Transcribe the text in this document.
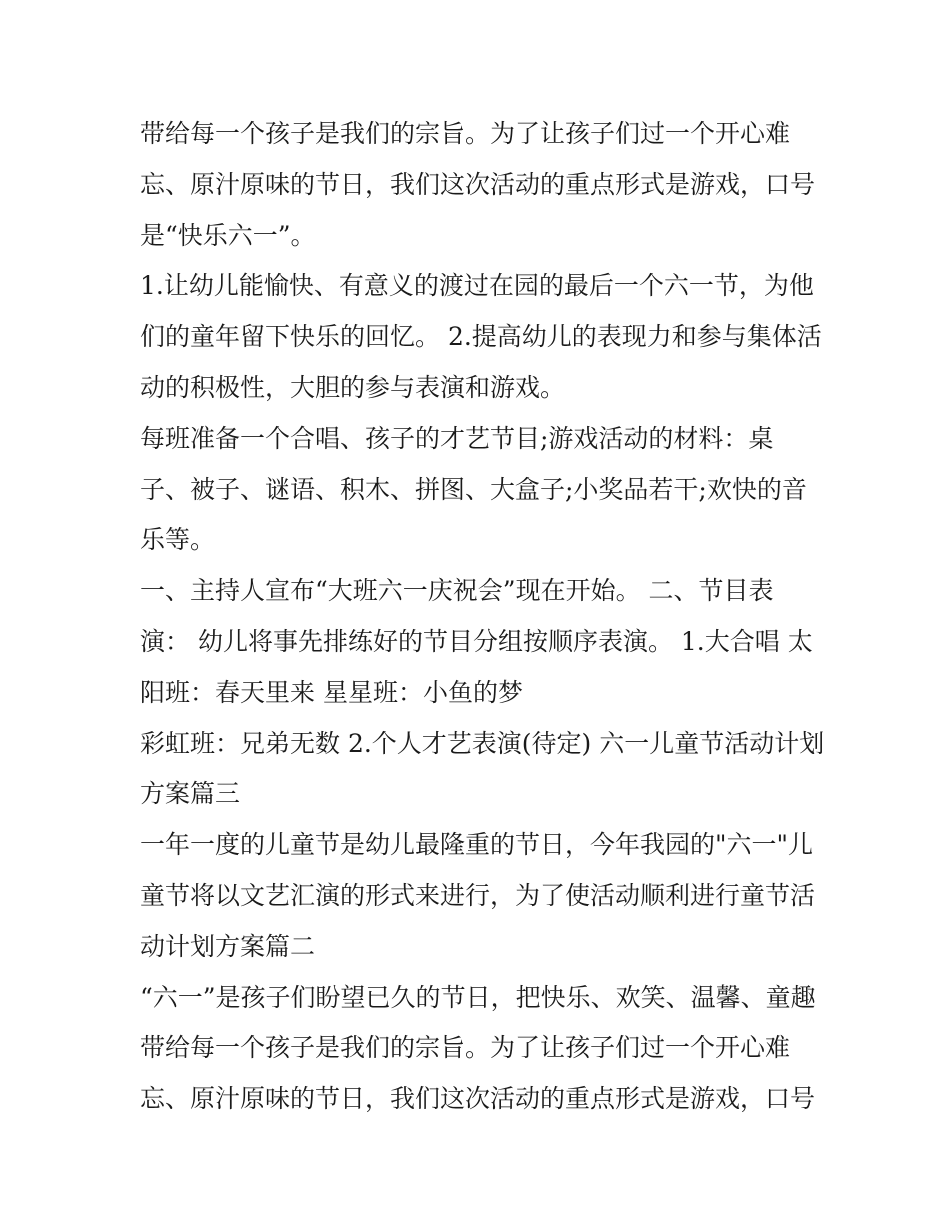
带给每一个孩子是我们的宗旨。为了让孩子们过一个开心难
忘、原汁原味的节日，我们这次活动的重点形式是游戏，口号
是“快乐六一”。
1.让幼儿能愉快、有意义的渡过在园的最后一个六一节，为他
们的童年留下快乐的回忆。 2.提高幼儿的表现力和参与集体活
动的积极性，大胆的参与表演和游戏。
每班准备一个合唱、孩子的才艺节目;游戏活动的材料：桌
子、被子、谜语、积木、拼图、大盒子;小奖品若干;欢快的音
乐等。
一、主持人宣布“大班六一庆祝会”现在开始。 二、节目表
演： 幼儿将事先排练好的节目分组按顺序表演。 1.大合唱 太
阳班：春天里来 星星班：小鱼的梦
彩虹班：兄弟无数 2.个人才艺表演(待定) 六一儿童节活动计划
方案篇三
一年一度的儿童节是幼儿最隆重的节日，今年我园的"六一"儿
童节将以文艺汇演的形式来进行，为了使活动顺利进行童节活
动计划方案篇二
“六一”是孩子们盼望已久的节日，把快乐、欢笑、温馨、童趣
带给每一个孩子是我们的宗旨。为了让孩子们过一个开心难
忘、原汁原味的节日，我们这次活动的重点形式是游戏，口号
